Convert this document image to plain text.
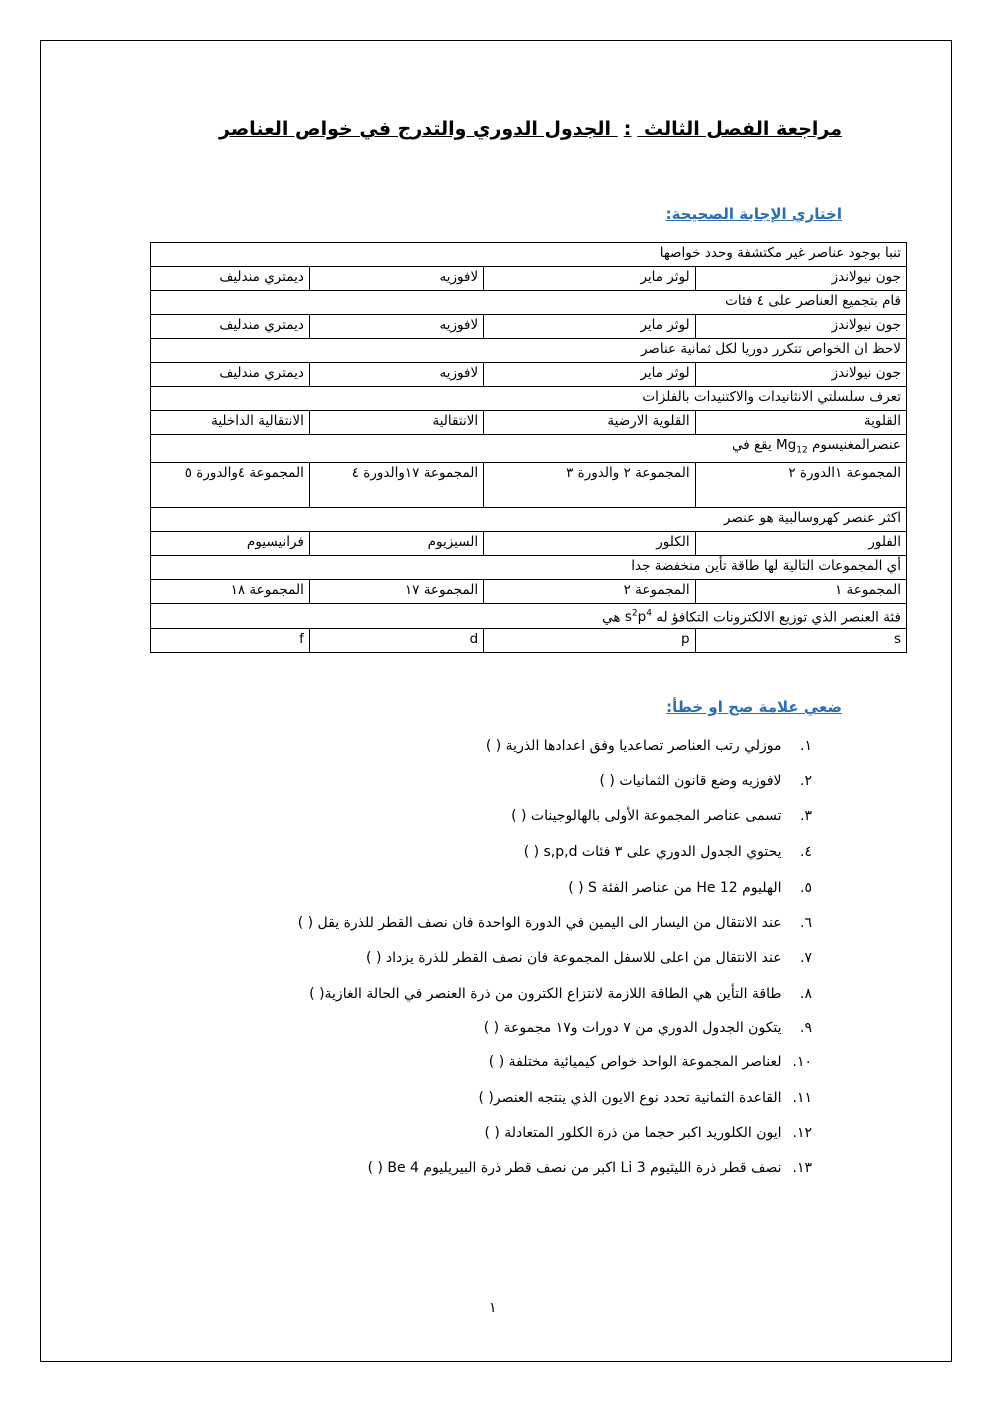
مراجعة الفصل الثالث : الجدول الدوري والتدرج في خواص العناصر
اختاري الإجابة الصحيحة:
تنبا بوجود عناصر غير مكتشفة وحدد خواصها			
جون نيولاندز	لوثر ماير	لافوزيه	ديمتري مندليف
قام بتجميع العناصر على ٤ فئات			
جون نيولاندز	لوثر ماير	لافوزيه	ديمتري مندليف
لاحظ ان الخواص تتكرر دوريا لكل ثمانية عناصر			
جون نيولاندز	لوثر ماير	لافوزيه	ديمتري مندليف
تعرف سلسلتي الانثانيدات والاكتنيدات بالفلزات			
القلوية	القلوية الارضية	الانتقالية	الانتقالية الداخلية
عنصرالمغنيسوم $Mg_{12}$ يقع في			
المجموعة ١الدورة ٢	المجموعة ٢ والدورة ٣	المجموعة ١٧والدورة ٤	المجموعة ٤والدورة ٥
اكثر عنصر كهروسالبية هو عنصر			
الفلور	الكلور	السيزيوم	فرانيسيوم
أي المجموعات التالية لها طاقة تأين منخفضة جدا			
المجموعة ١	المجموعة ٢	المجموعة ١٧	المجموعة ١٨
فئة العنصر الذي توزيع الالكترونات التكافؤ له $s^2p^4$ هي			
s	p	d	f
ضعي علامة صح او خطأ:
١. موزلي رتب العناصر تصاعديا وفق اعدادها الذرية ( )
٢. لافوزيه وضع قانون الثمانيات ( )
٣. تسمى عناصر المجموعة الأولى بالهالوجينات ( )
٤. يحتوي الجدول الدوري على ٣ فئات s,p,d ( )
٥. الهليوم He 12 من عناصر الفئة S ( )
٦. عند الانتقال من اليسار الى اليمين في الدورة الواحدة فان نصف القطر للذرة يقل ( )
٧. عند الانتقال من اعلى للاسفل المجموعة فان نصف القطر للذرة يزداد ( )
٨. طاقة التأين هي الطاقة اللازمة لانتزاع الكترون من ذرة العنصر في الحالة الغازية( )
٩. يتكون الجدول الدوري من ٧ دورات و١٧ مجموعة ( )
١٠. لعناصر المجموعة الواحد خواص كيميائية مختلفة ( )
١١. القاعدة الثمانية تحدد نوع الايون الذي ينتجه العنصر( )
١٢. ايون الكلوريد اكبر حجما من ذرة الكلور المتعادلة ( )
١٣. نصف قطر ذرة الليثيوم 3 Li اكبر من نصف قطر ذرة البيريليوم Be 4 ( )
١
